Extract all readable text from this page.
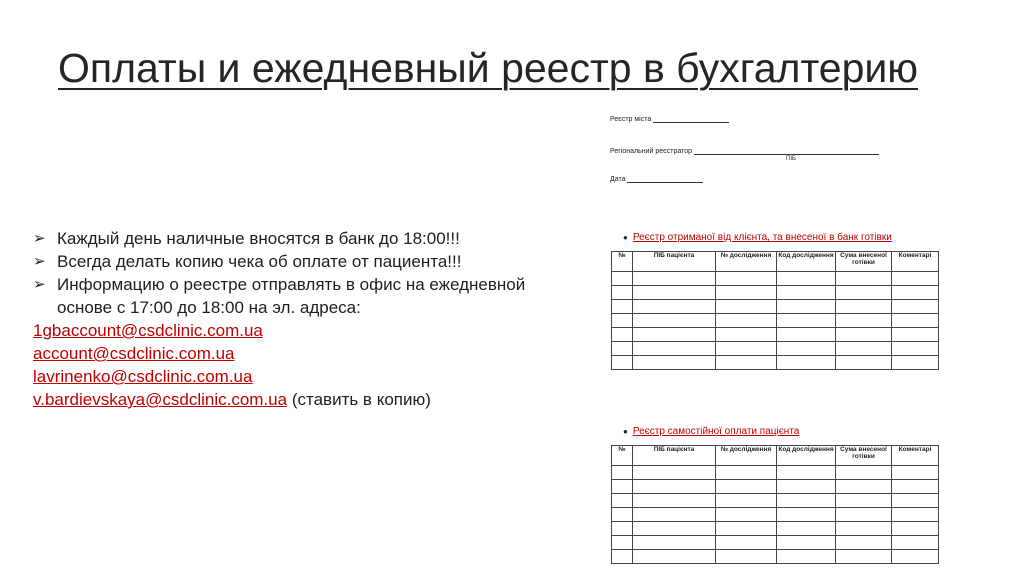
Оплаты и ежедневный реестр в бухгалтерию
➢ Каждый день наличные вносятся в банк до 18:00!!!
➢ Всегда делать копию чека об оплате от пациента!!!
➢ Информацию о реестре отправлять в офис на ежедневной основе с 17:00 до 18:00 на эл. адреса:
1gbaccount@csdclinic.com.ua
account@csdclinic.com.ua
lavrinenko@csdclinic.com.ua
v.bardievskaya@csdclinic.com.ua (ставить в копию)
Реєстр міста
Регіональний реєстратор
ПІБ
Дата
● Реєстр отриманої від клієнта, та внесеної в банк готівки
№	ПІБ пацієнта	№ дослідження	Код дослідження	Сума внесеної готівки	Коментарі

● Реєстр самостійної оплати пацієнта
№	ПІБ пацієнта	№ дослідження	Код дослідження	Сума внесеної готівки	Коментарі
